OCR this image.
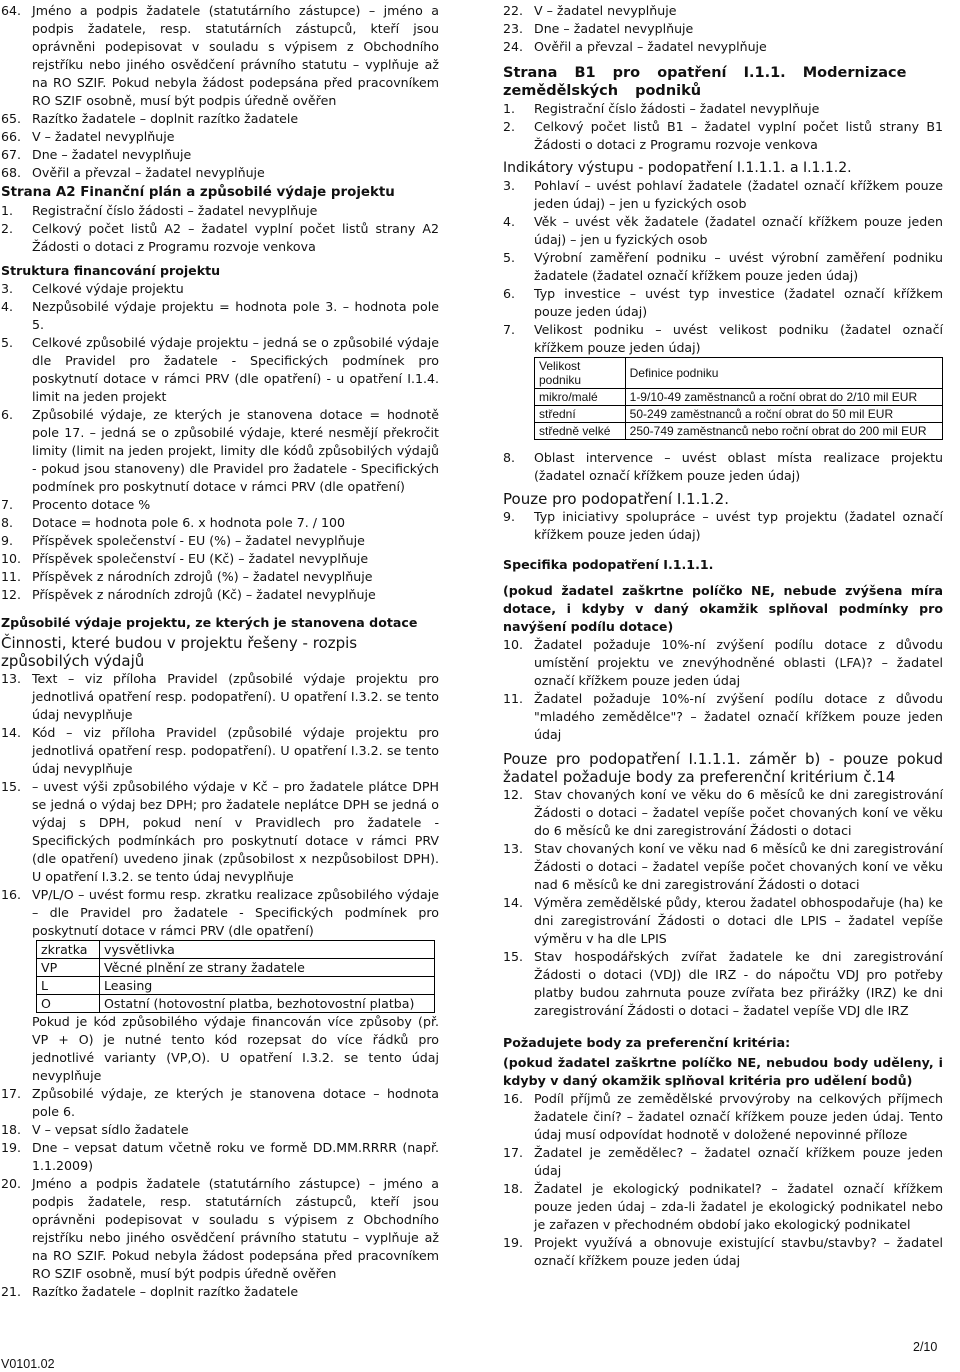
64. Jméno a podpis žadatele (statutárního zástupce) – jméno a podpis žadatele, resp. statutárních zástupců, kteří jsou oprávněni podepisovat v souladu s výpisem z Obchodního rejstříku nebo jiného osvědčení právního statutu – vyplňuje až na RO SZIF. Pokud nebyla žádost podepsána před pracovníkem RO SZIF osobně, musí být podpis úředně ověřen
65. Razítko žadatele – doplnit razítko žadatele
66. V – žadatel nevyplňuje
67. Dne – žadatel nevyplňuje
68. Ověřil a převzal – žadatel nevyplňuje
Strana A2 Finanční plán a způsobilé výdaje projektu
1. Registrační číslo žádosti – žadatel nevyplňuje
2. Celkový počet listů A2 – žadatel vyplní počet listů strany A2 Žádosti o dotaci z Programu rozvoje venkova
Struktura financování projektu
3. Celkové výdaje projektu
4. Nezpůsobilé výdaje projektu = hodnota pole 3. – hodnota pole 5.
5. Celkové způsobilé výdaje projektu – jedná se o způsobilé výdaje dle Pravidel pro žadatele - Specifických podmínek pro poskytnutí dotace v rámci PRV (dle opatření) - u opatření I.1.4. limit na jeden projekt
6. Způsobilé výdaje, ze kterých je stanovena dotace = hodnotě pole 17. – jedná se o způsobilé výdaje, které nesmějí překročit limity (limit na jeden projekt, limity dle kódů způsobilých výdajů - pokud jsou stanoveny) dle Pravidel pro žadatele - Specifických podmínek pro poskytnutí dotace v rámci PRV (dle opatření)
7. Procento dotace %
8. Dotace = hodnota pole 6. x hodnota pole 7. / 100
9. Příspěvek společenství - EU (%) – žadatel nevyplňuje
10. Příspěvek společenství - EU (Kč) – žadatel nevyplňuje
11. Příspěvek z národních zdrojů (%) – žadatel nevyplňuje
12. Příspěvek z národních zdrojů (Kč) – žadatel nevyplňuje
Způsobilé výdaje projektu, ze kterých je stanovena dotace
Činnosti, které budou v projektu řešeny - rozpis způsobilých výdajů
13. Text – viz příloha Pravidel (způsobilé výdaje projektu pro jednotlivá opatření resp. podopatření). U opatření I.3.2. se tento údaj nevyplňuje
14. Kód – viz příloha Pravidel (způsobilé výdaje projektu pro jednotlivá opatření resp. podopatření). U opatření I.3.2. se tento údaj nevyplňuje
15. – uvest výši způsobilého výdaje v Kč – pro žadatele plátce DPH se jedná o výdaj bez DPH; pro žadatele neplátce DPH se jedná o výdaj s DPH, pokud není v Pravidlech pro žadatele - Specifických podmínkách pro poskytnutí dotace v rámci PRV (dle opatření) uvedeno jinak (způsobilost x nezpůsobilost DPH). U opatření I.3.2. se tento údaj nevyplňuje
16. VP/L/O – uvést formu resp. zkratku realizace způsobilého výdaje – dle Pravidel pro žadatele - Specifických podmínek pro poskytnutí dotace v rámci PRV (dle opatření)
zkratka	vysvětlivka
VP	Věcné plnění ze strany žadatele
L	Leasing
O	Ostatní (hotovostní platba, bezhotovostní platba)
Pokud je kód způsobilého výdaje financován více způsoby (př. VP + O) je nutné tento kód rozepsat do více řádků pro jednotlivé varianty (VP,O). U opatření I.3.2. se tento údaj nevyplňuje
17. Způsobilé výdaje, ze kterých je stanovena dotace – hodnota pole 6.
18. V – vepsat sídlo žadatele
19. Dne – vepsat datum včetně roku ve formě DD.MM.RRRR (např. 1.1.2009)
20. Jméno a podpis žadatele (statutárního zástupce) – jméno a podpis žadatele, resp. statutárních zástupců, kteří jsou oprávněni podepisovat v souladu s výpisem z Obchodního rejstříku nebo jiného osvědčení právního statutu – vyplňuje až na RO SZIF. Pokud nebyla žádost podepsána před pracovníkem RO SZIF osobně, musí být podpis úředně ověřen
21. Razítko žadatele – doplnit razítko žadatele
22. V – žadatel nevyplňuje
23. Dne – žadatel nevyplňuje
24. Ověřil a převzal – žadatel nevyplňuje
Strana B1 pro opatření I.1.1. Modernizace zemědělských podniků
1. Registrační číslo žádosti – žadatel nevyplňuje
2. Celkový počet listů B1 – žadatel vyplní počet listů strany B1 Žádosti o dotaci z Programu rozvoje venkova
Indikátory výstupu - podopatření I.1.1.1. a I.1.1.2.
3. Pohlaví – uvést pohlaví žadatele (žadatel označí křížkem pouze jeden údaj) – jen u fyzických osob
4. Věk – uvést věk žadatele (žadatel označí křížkem pouze jeden údaj) – jen u fyzických osob
5. Výrobní zaměření podniku – uvést výrobní zaměření podniku žadatele (žadatel označí křížkem pouze jeden údaj)
6. Typ investice – uvést typ investice (žadatel označí křížkem pouze jeden údaj)
7. Velikost podniku – uvést velikost podniku (žadatel označí křížkem pouze jeden údaj)
Velikost podniku	Definice podniku
mikro/malé	1-9/10-49 zaměstnanců a roční obrat do 2/10 mil EUR
střední	50-249 zaměstnanců a roční obrat do 50 mil EUR
středně velké	250-749 zaměstnanců nebo roční obrat do 200 mil EUR
8. Oblast intervence – uvést oblast místa realizace projektu (žadatel označí křížkem pouze jeden údaj)
Pouze pro podopatření I.1.1.2.
9. Typ iniciativy spolupráce – uvést typ projektu (žadatel označí křížkem pouze jeden údaj)
Specifika podopatření I.1.1.1.
(pokud žadatel zaškrtne políčko NE, nebude zvýšena míra dotace, i kdyby v daný okamžik splňoval podmínky pro navýšení podílu dotace)
10. Žadatel požaduje 10%-ní zvýšení podílu dotace z důvodu umístění projektu ve znevýhodněné oblasti (LFA)? – žadatel označí křížkem pouze jeden údaj
11. Žadatel požaduje 10%-ní zvýšení podílu dotace z důvodu "mladého zemědělce"? – žadatel označí křížkem pouze jeden údaj
Pouze pro podopatření I.1.1.1. záměr b) - pouze pokud žadatel požaduje body za preferenční kritérium č.14
12. Stav chovaných koní ve věku do 6 měsíců ke dni zaregistrování Žádosti o dotaci – žadatel vepíše počet chovaných koní ve věku do 6 měsíců ke dni zaregistrování Žádosti o dotaci
13. Stav chovaných koní ve věku nad 6 měsíců ke dni zaregistrování Žádosti o dotaci – žadatel vepíše počet chovaných koní ve věku nad 6 měsíců ke dni zaregistrování Žádosti o dotaci
14. Výměra zemědělské půdy, kterou žadatel obhospodařuje (ha) ke dni zaregistrování Žádosti o dotaci dle LPIS – žadatel vepíše výměru v ha dle LPIS
15. Stav hospodářských zvířat žadatele ke dni zaregistrování Žádosti o dotaci (VDJ) dle IRZ - do nápočtu VDJ pro potřeby platby budou zahrnuta pouze zvířata bez přirážky (IRZ) ke dni zaregistrování Žádosti o dotaci – žadatel vepíše VDJ dle IRZ
Požadujete body za preferenční kritéria:
(pokud žadatel zaškrtne políčko NE, nebudou body uděleny, i kdyby v daný okamžik splňoval kritéria pro udělení bodů)
16. Podíl příjmů ze zemědělské prvovýroby na celkových příjmech žadatele činí? – žadatel označí křížkem pouze jeden údaj. Tento údaj musí odpovídat hodnotě v doložené nepovinné příloze
17. Žadatel je zemědělec? – žadatel označí křížkem pouze jeden údaj
18. Žadatel je ekologický podnikatel? – žadatel označí křížkem pouze jeden údaj – zda-li žadatel je ekologický podnikatel nebo je zařazen v přechodném období jako ekologický podnikatel
19. Projekt využívá a obnovuje existující stavbu/stavby? – žadatel označí křížkem pouze jeden údaj
V0101.02
2/10
